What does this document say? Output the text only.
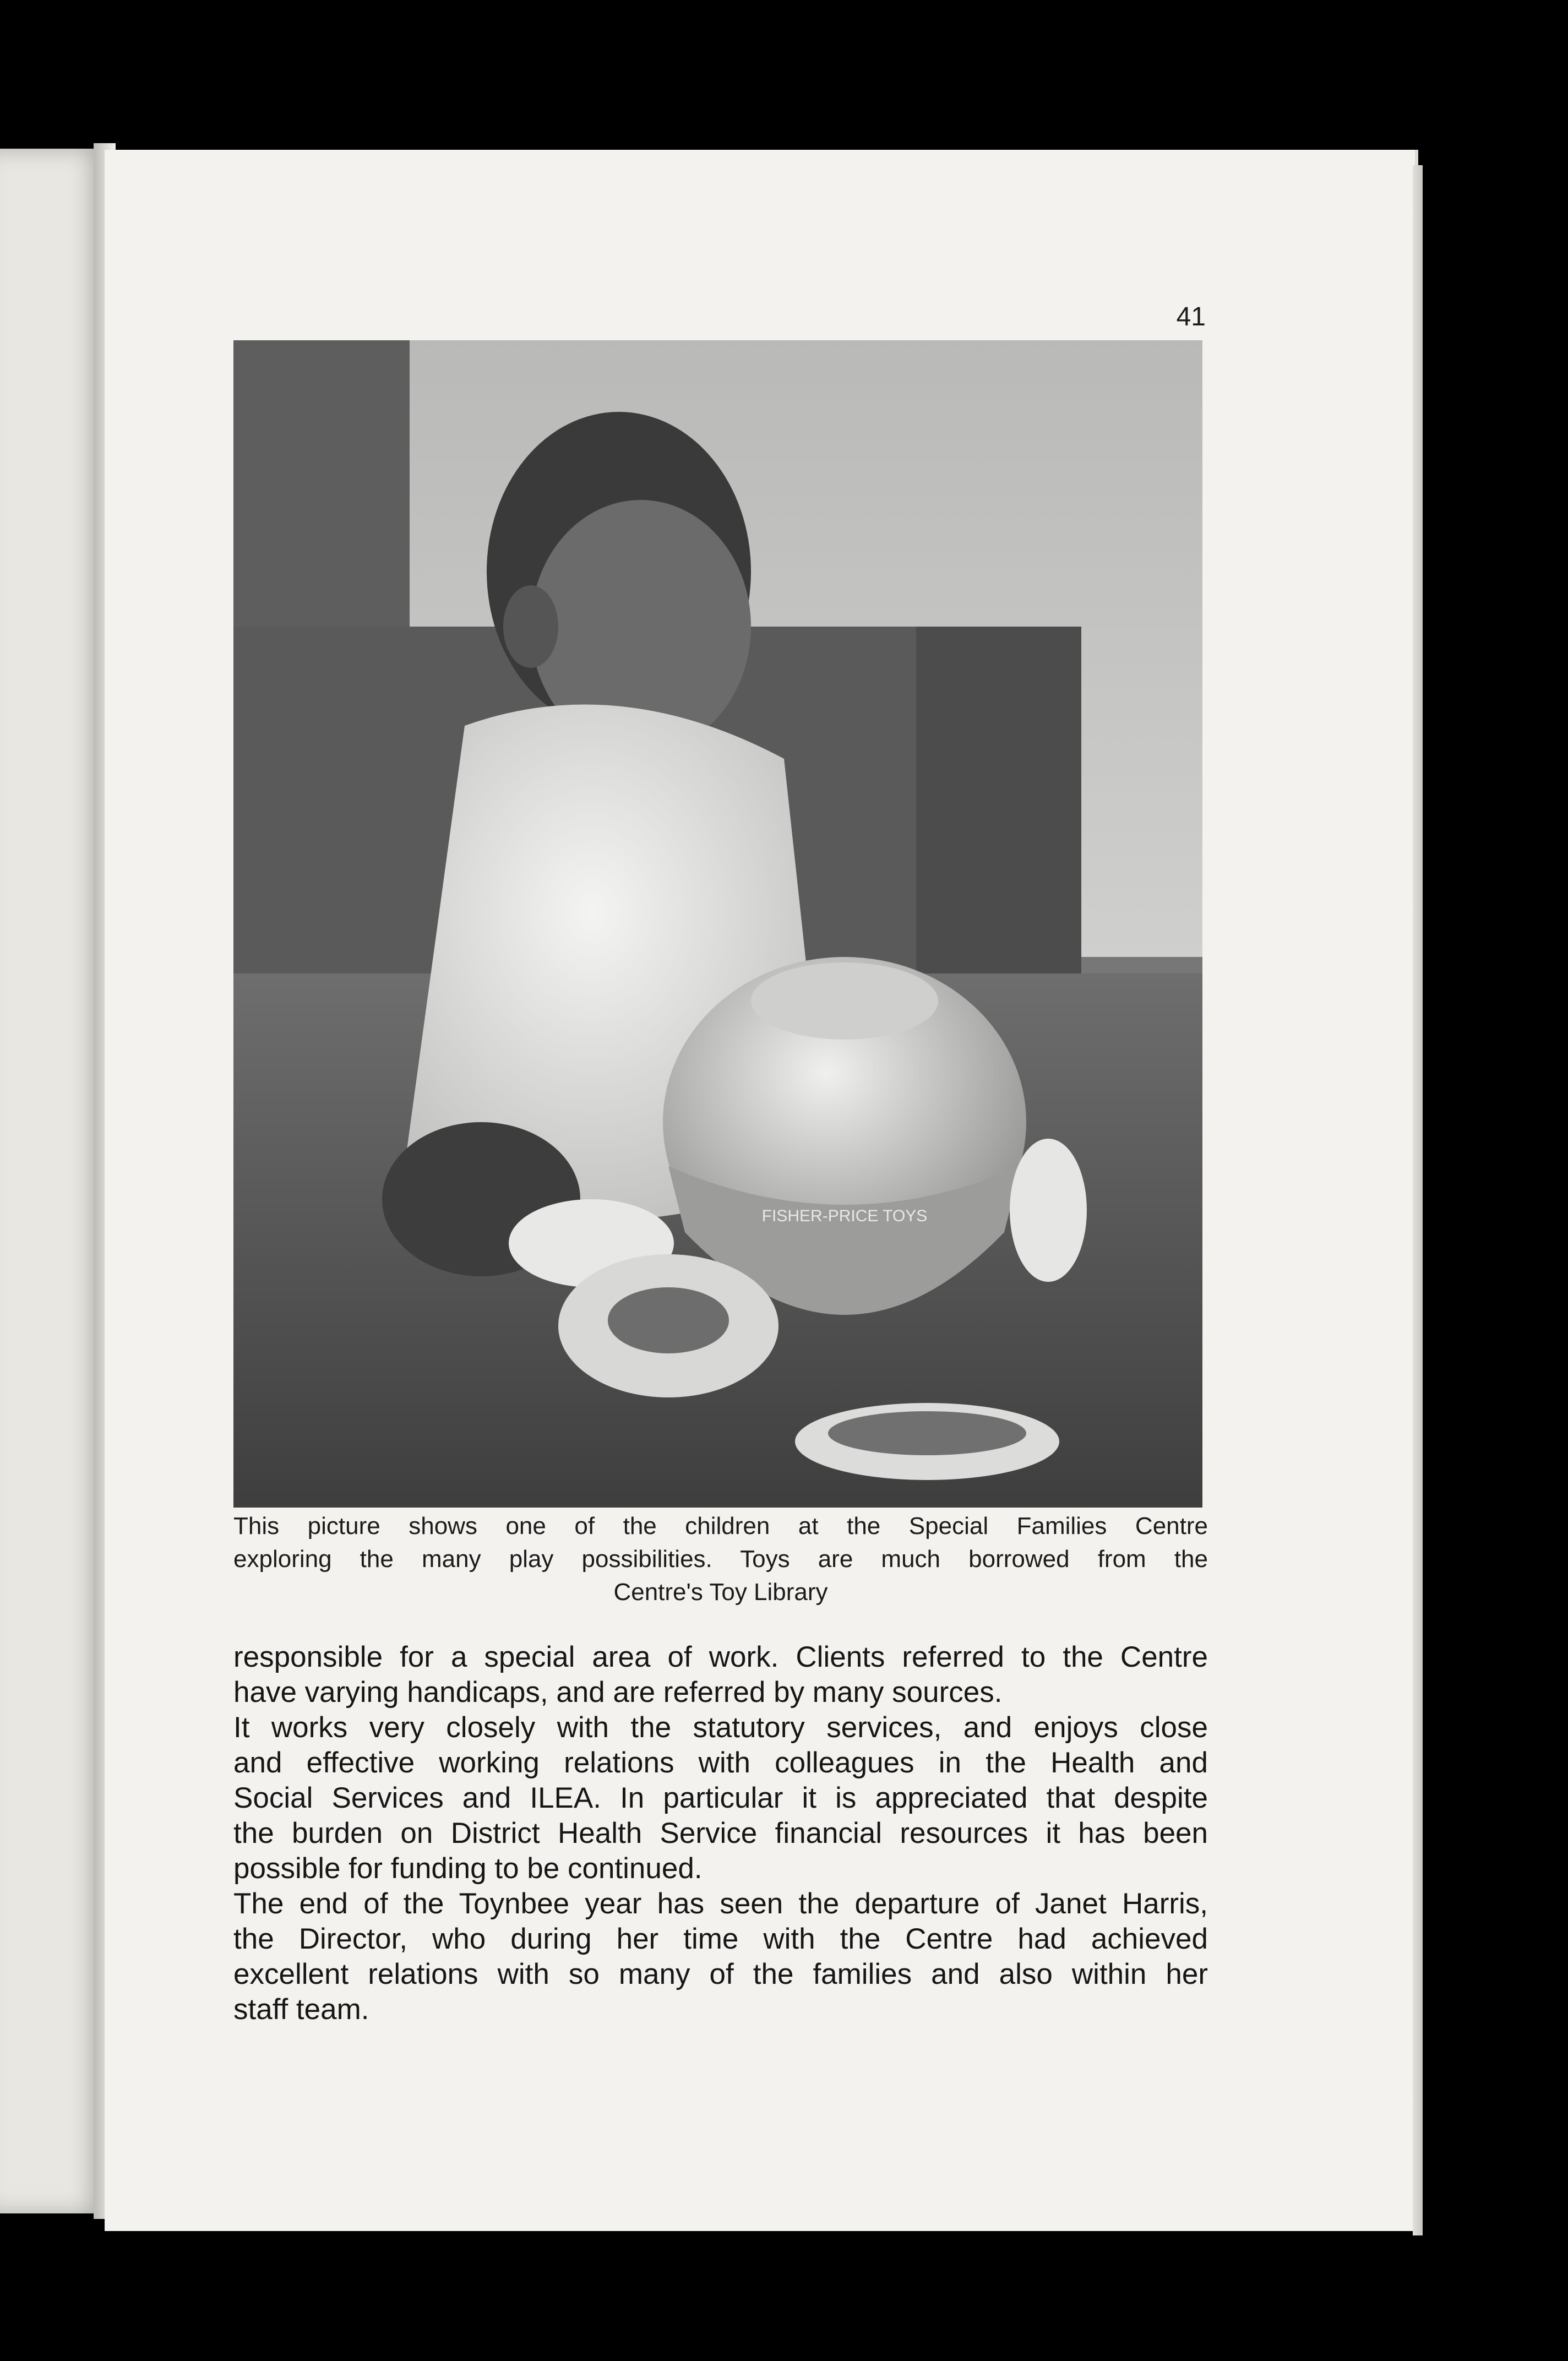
41
FISHER-PRICE TOYS
This picture shows one of the children at the Special Families Centre
exploring the many play possibilities. Toys are much borrowed from the
Centre's Toy Library
responsible for a special area of work. Clients referred to the Centre
have varying handicaps, and are referred by many sources.
It works very closely with the statutory services, and enjoys close
and effective working relations with colleagues in the Health and
Social Services and ILEA. In particular it is appreciated that despite
the burden on District Health Service financial resources it has been
possible for funding to be continued.
The end of the Toynbee year has seen the departure of Janet Harris,
the Director, who during her time with the Centre had achieved
excellent relations with so many of the families and also within her
staff team.
